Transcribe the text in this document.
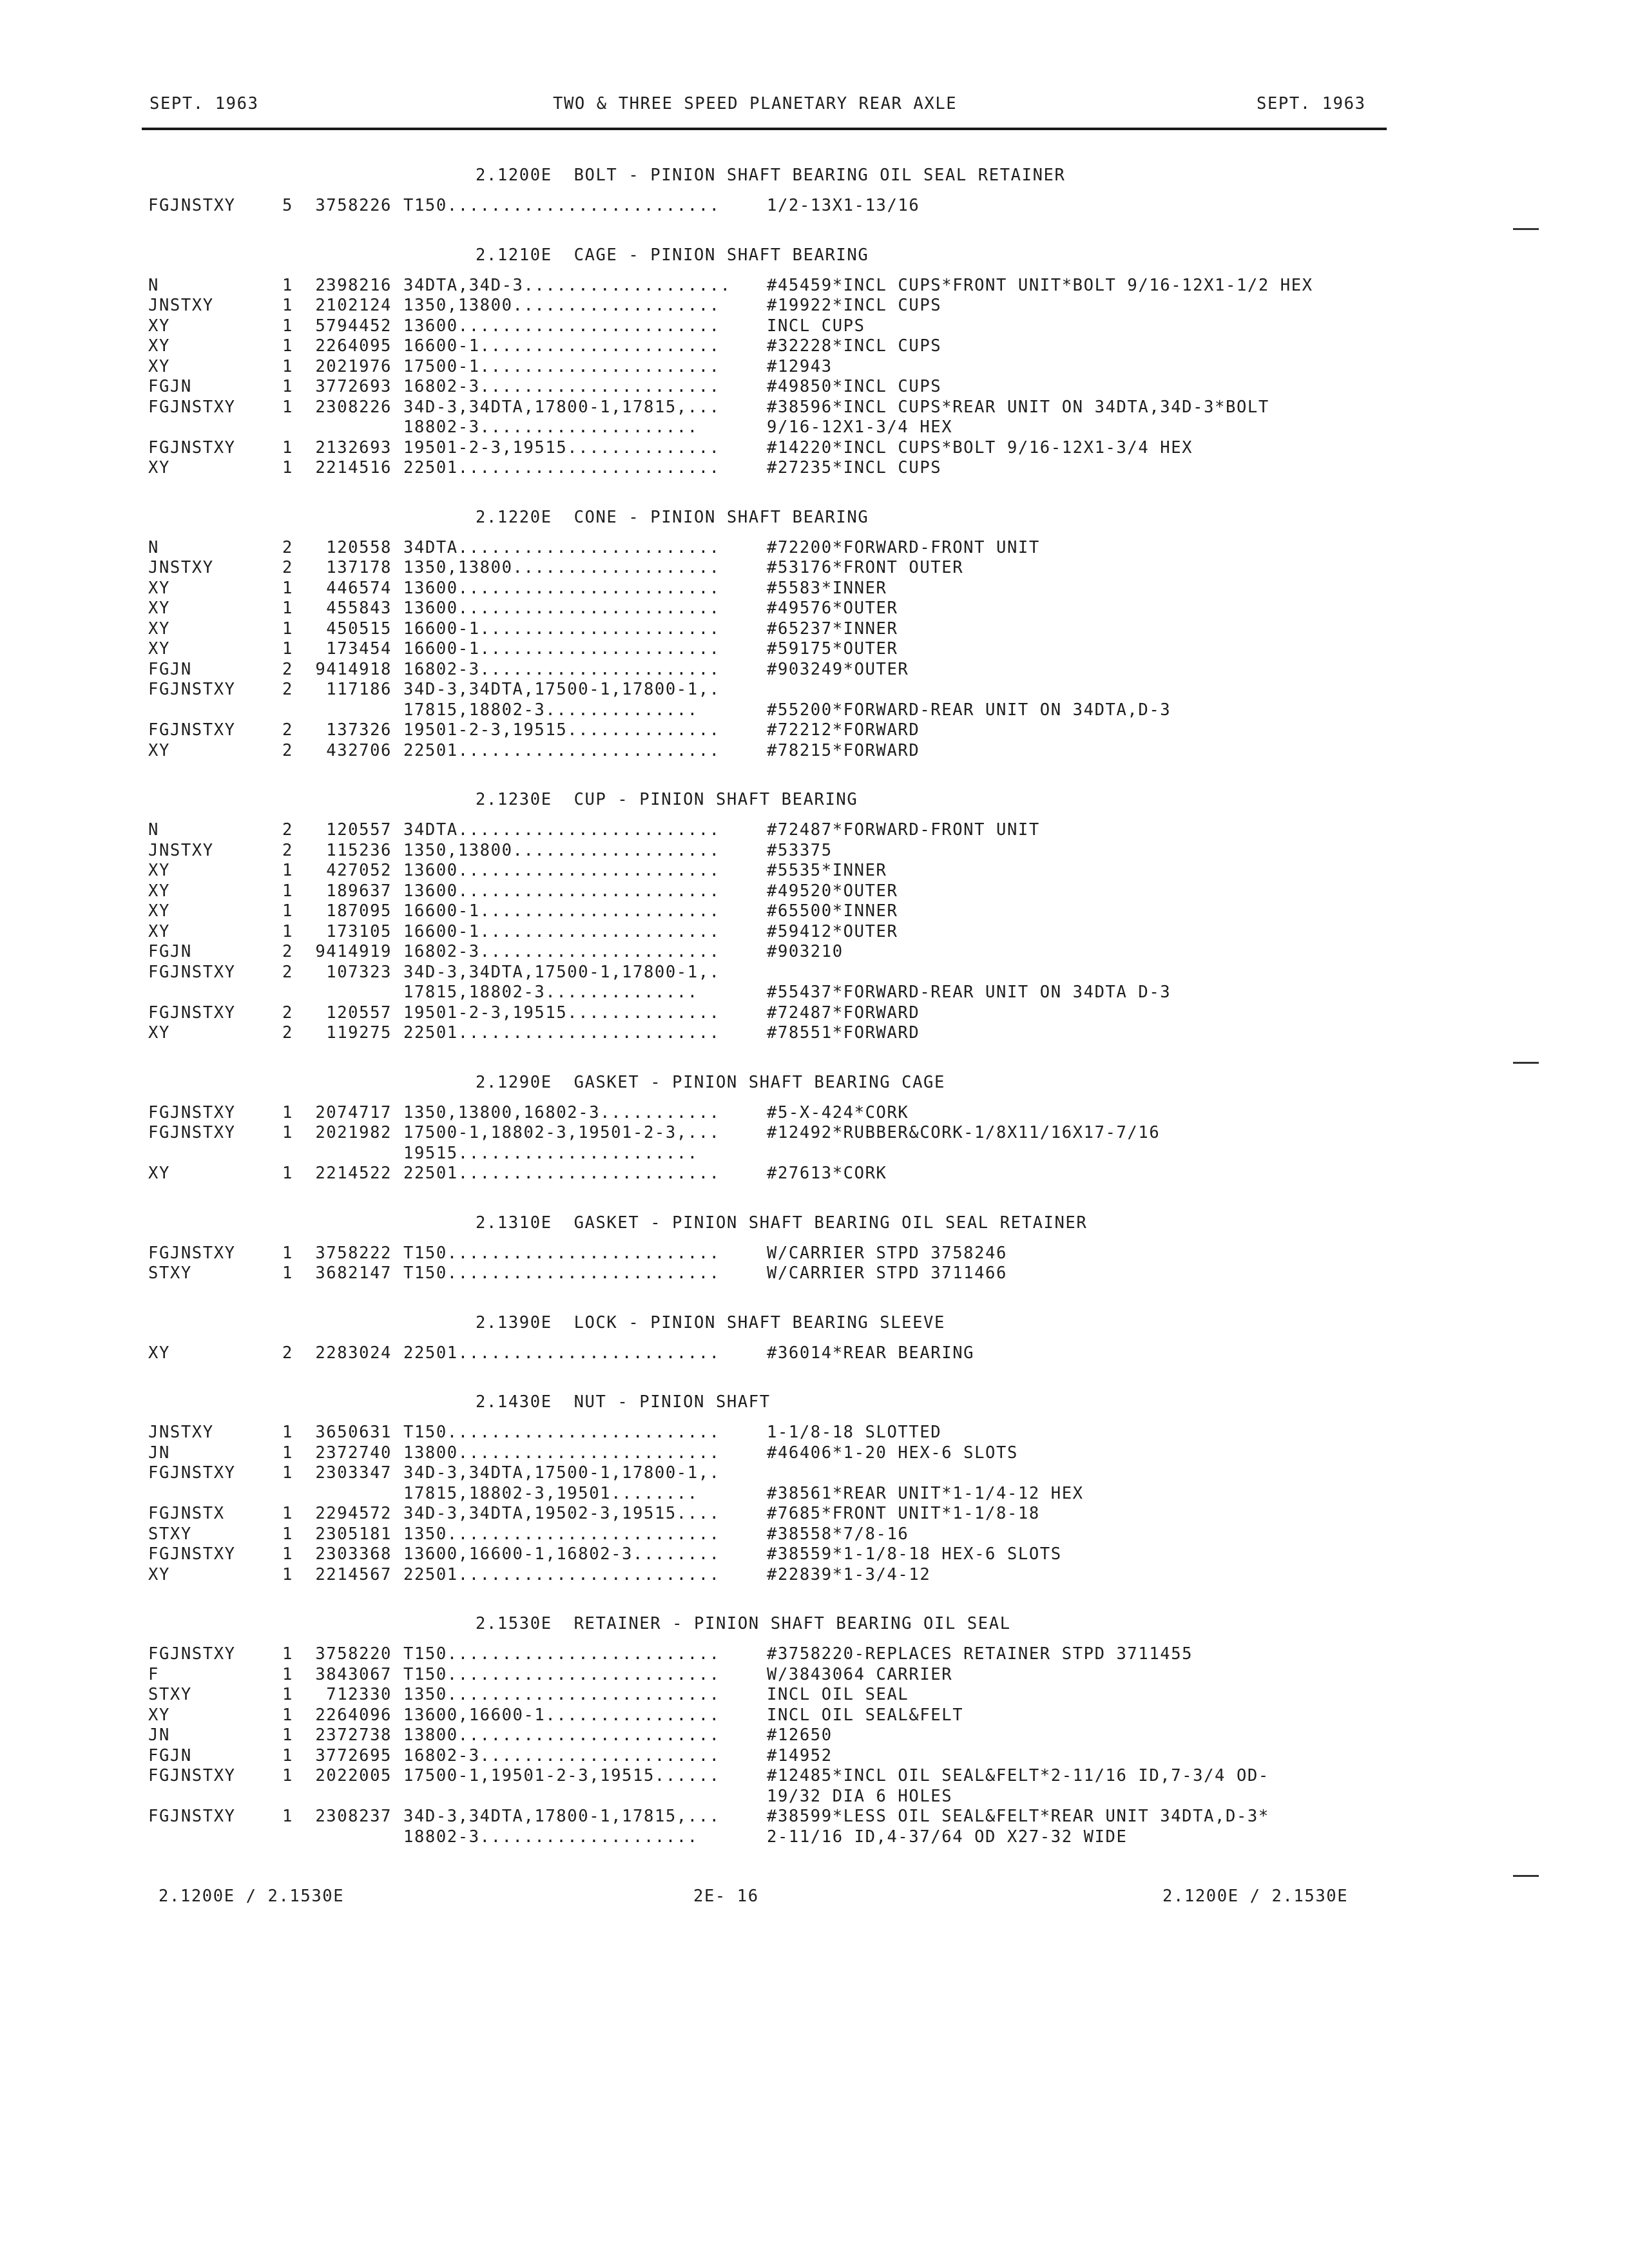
SEPT. 1963	TWO & THREE SPEED PLANETARY REAR AXLE	SEPT. 1963
2.1200E  BOLT - PINION SHAFT BEARING OIL SEAL RETAINER
FGJNSTXY	5	3758226 T150.........................	1/2-13X1-13/16
2.1210E  CAGE - PINION SHAFT BEARING
N	1	2398216 34DTA,34D-3................... #45459*INCL CUPS*FRONT UNIT*BOLT 9/16-12X1-1/2 HEX
JNSTXY	1	2102124 1350,13800...................	#19922*INCL CUPS
XY	1	5794452 13600........................	INCL CUPS
XY	1	2264095 16600-1......................	#32228*INCL CUPS
XY	1	2021976 17500-1......................	#12943
FGJN	1	3772693 16802-3......................	#49850*INCL CUPS
FGJNSTXY	1	2308226 34D-3,34DTA,17800-1,17815,...	#38596*INCL CUPS*REAR UNIT ON 34DTA,34D-3*BOLT
18802-3....................	9/16-12X1-3/4 HEX
FGJNSTXY	1	2132693 19501-2-3,19515..............	#14220*INCL CUPS*BOLT 9/16-12X1-3/4 HEX
XY	1	2214516 22501........................	#27235*INCL CUPS
2.1220E  CONE - PINION SHAFT BEARING
N	2	120558 34DTA........................	#72200*FORWARD-FRONT UNIT
JNSTXY	2	137178 1350,13800...................	#53176*FRONT OUTER
XY	1	446574 13600........................	#5583*INNER
XY	1	455843 13600........................	#49576*OUTER
XY	1	450515 16600-1......................	#65237*INNER
XY	1	173454 16600-1......................	#59175*OUTER
FGJN	2	9414918 16802-3......................	#903249*OUTER
FGJNSTXY	2	117186 34D-3,34DTA,17500-1,17800-1,.
17815,18802-3..............	#55200*FORWARD-REAR UNIT ON 34DTA,D-3
FGJNSTXY	2	137326 19501-2-3,19515..............	#72212*FORWARD
XY	2	432706 22501........................	#78215*FORWARD
2.1230E  CUP - PINION SHAFT BEARING
N	2	120557 34DTA........................	#72487*FORWARD-FRONT UNIT
JNSTXY	2	115236 1350,13800...................	#53375
XY	1	427052 13600........................	#5535*INNER
XY	1	189637 13600........................	#49520*OUTER
XY	1	187095 16600-1......................	#65500*INNER
XY	1	173105 16600-1......................	#59412*OUTER
FGJN	2	9414919 16802-3......................	#903210
FGJNSTXY	2	107323 34D-3,34DTA,17500-1,17800-1,.
17815,18802-3..............	#55437*FORWARD-REAR UNIT ON 34DTA D-3
FGJNSTXY	2	120557 19501-2-3,19515..............	#72487*FORWARD
XY	2	119275 22501........................	#78551*FORWARD
2.1290E  GASKET - PINION SHAFT BEARING CAGE
FGJNSTXY	1	2074717 1350,13800,16802-3...........	#5-X-424*CORK
FGJNSTXY	1	2021982 17500-1,18802-3,19501-2-3,...	#12492*RUBBER&CORK-1/8X11/16X17-7/16
19515......................
XY	1	2214522 22501........................	#27613*CORK
2.1310E  GASKET - PINION SHAFT BEARING OIL SEAL RETAINER
FGJNSTXY	1	3758222 T150.........................	W/CARRIER STPD 3758246
STXY	1	3682147 T150.........................	W/CARRIER STPD 3711466
2.1390E  LOCK - PINION SHAFT BEARING SLEEVE
XY	2	2283024 22501........................	#36014*REAR BEARING
2.1430E  NUT - PINION SHAFT
JNSTXY	1	3650631 T150.........................	1-1/8-18 SLOTTED
JN	1	2372740 13800........................	#46406*1-20 HEX-6 SLOTS
FGJNSTXY	1	2303347 34D-3,34DTA,17500-1,17800-1,.
17815,18802-3,19501........	#38561*REAR UNIT*1-1/4-12 HEX
FGJNSTX	1	2294572 34D-3,34DTA,19502-3,19515....	#7685*FRONT UNIT*1-1/8-18
STXY	1	2305181 1350.........................	#38558*7/8-16
FGJNSTXY	1	2303368 13600,16600-1,16802-3........	#38559*1-1/8-18 HEX-6 SLOTS
XY	1	2214567 22501........................	#22839*1-3/4-12
2.1530E  RETAINER - PINION SHAFT BEARING OIL SEAL
FGJNSTXY	1	3758220 T150.........................	#3758220-REPLACES RETAINER STPD 3711455
F	1	3843067 T150.........................	W/3843064 CARRIER
STXY	1	712330 1350.........................	INCL OIL SEAL
XY	1	2264096 13600,16600-1................	INCL OIL SEAL&FELT
JN	1	2372738 13800........................	#12650
FGJN	1	3772695 16802-3......................	#14952
FGJNSTXY	1	2022005 17500-1,19501-2-3,19515......	#12485*INCL OIL SEAL&FELT*2-11/16 ID,7-3/4 OD-
19/32 DIA 6 HOLES
FGJNSTXY	1	2308237 34D-3,34DTA,17800-1,17815,...	#38599*LESS OIL SEAL&FELT*REAR UNIT 34DTA,D-3*
18802-3....................	2-11/16 ID,4-37/64 OD X27-32 WIDE
2.1200E / 2.1530E	2E- 16	2.1200E / 2.1530E
